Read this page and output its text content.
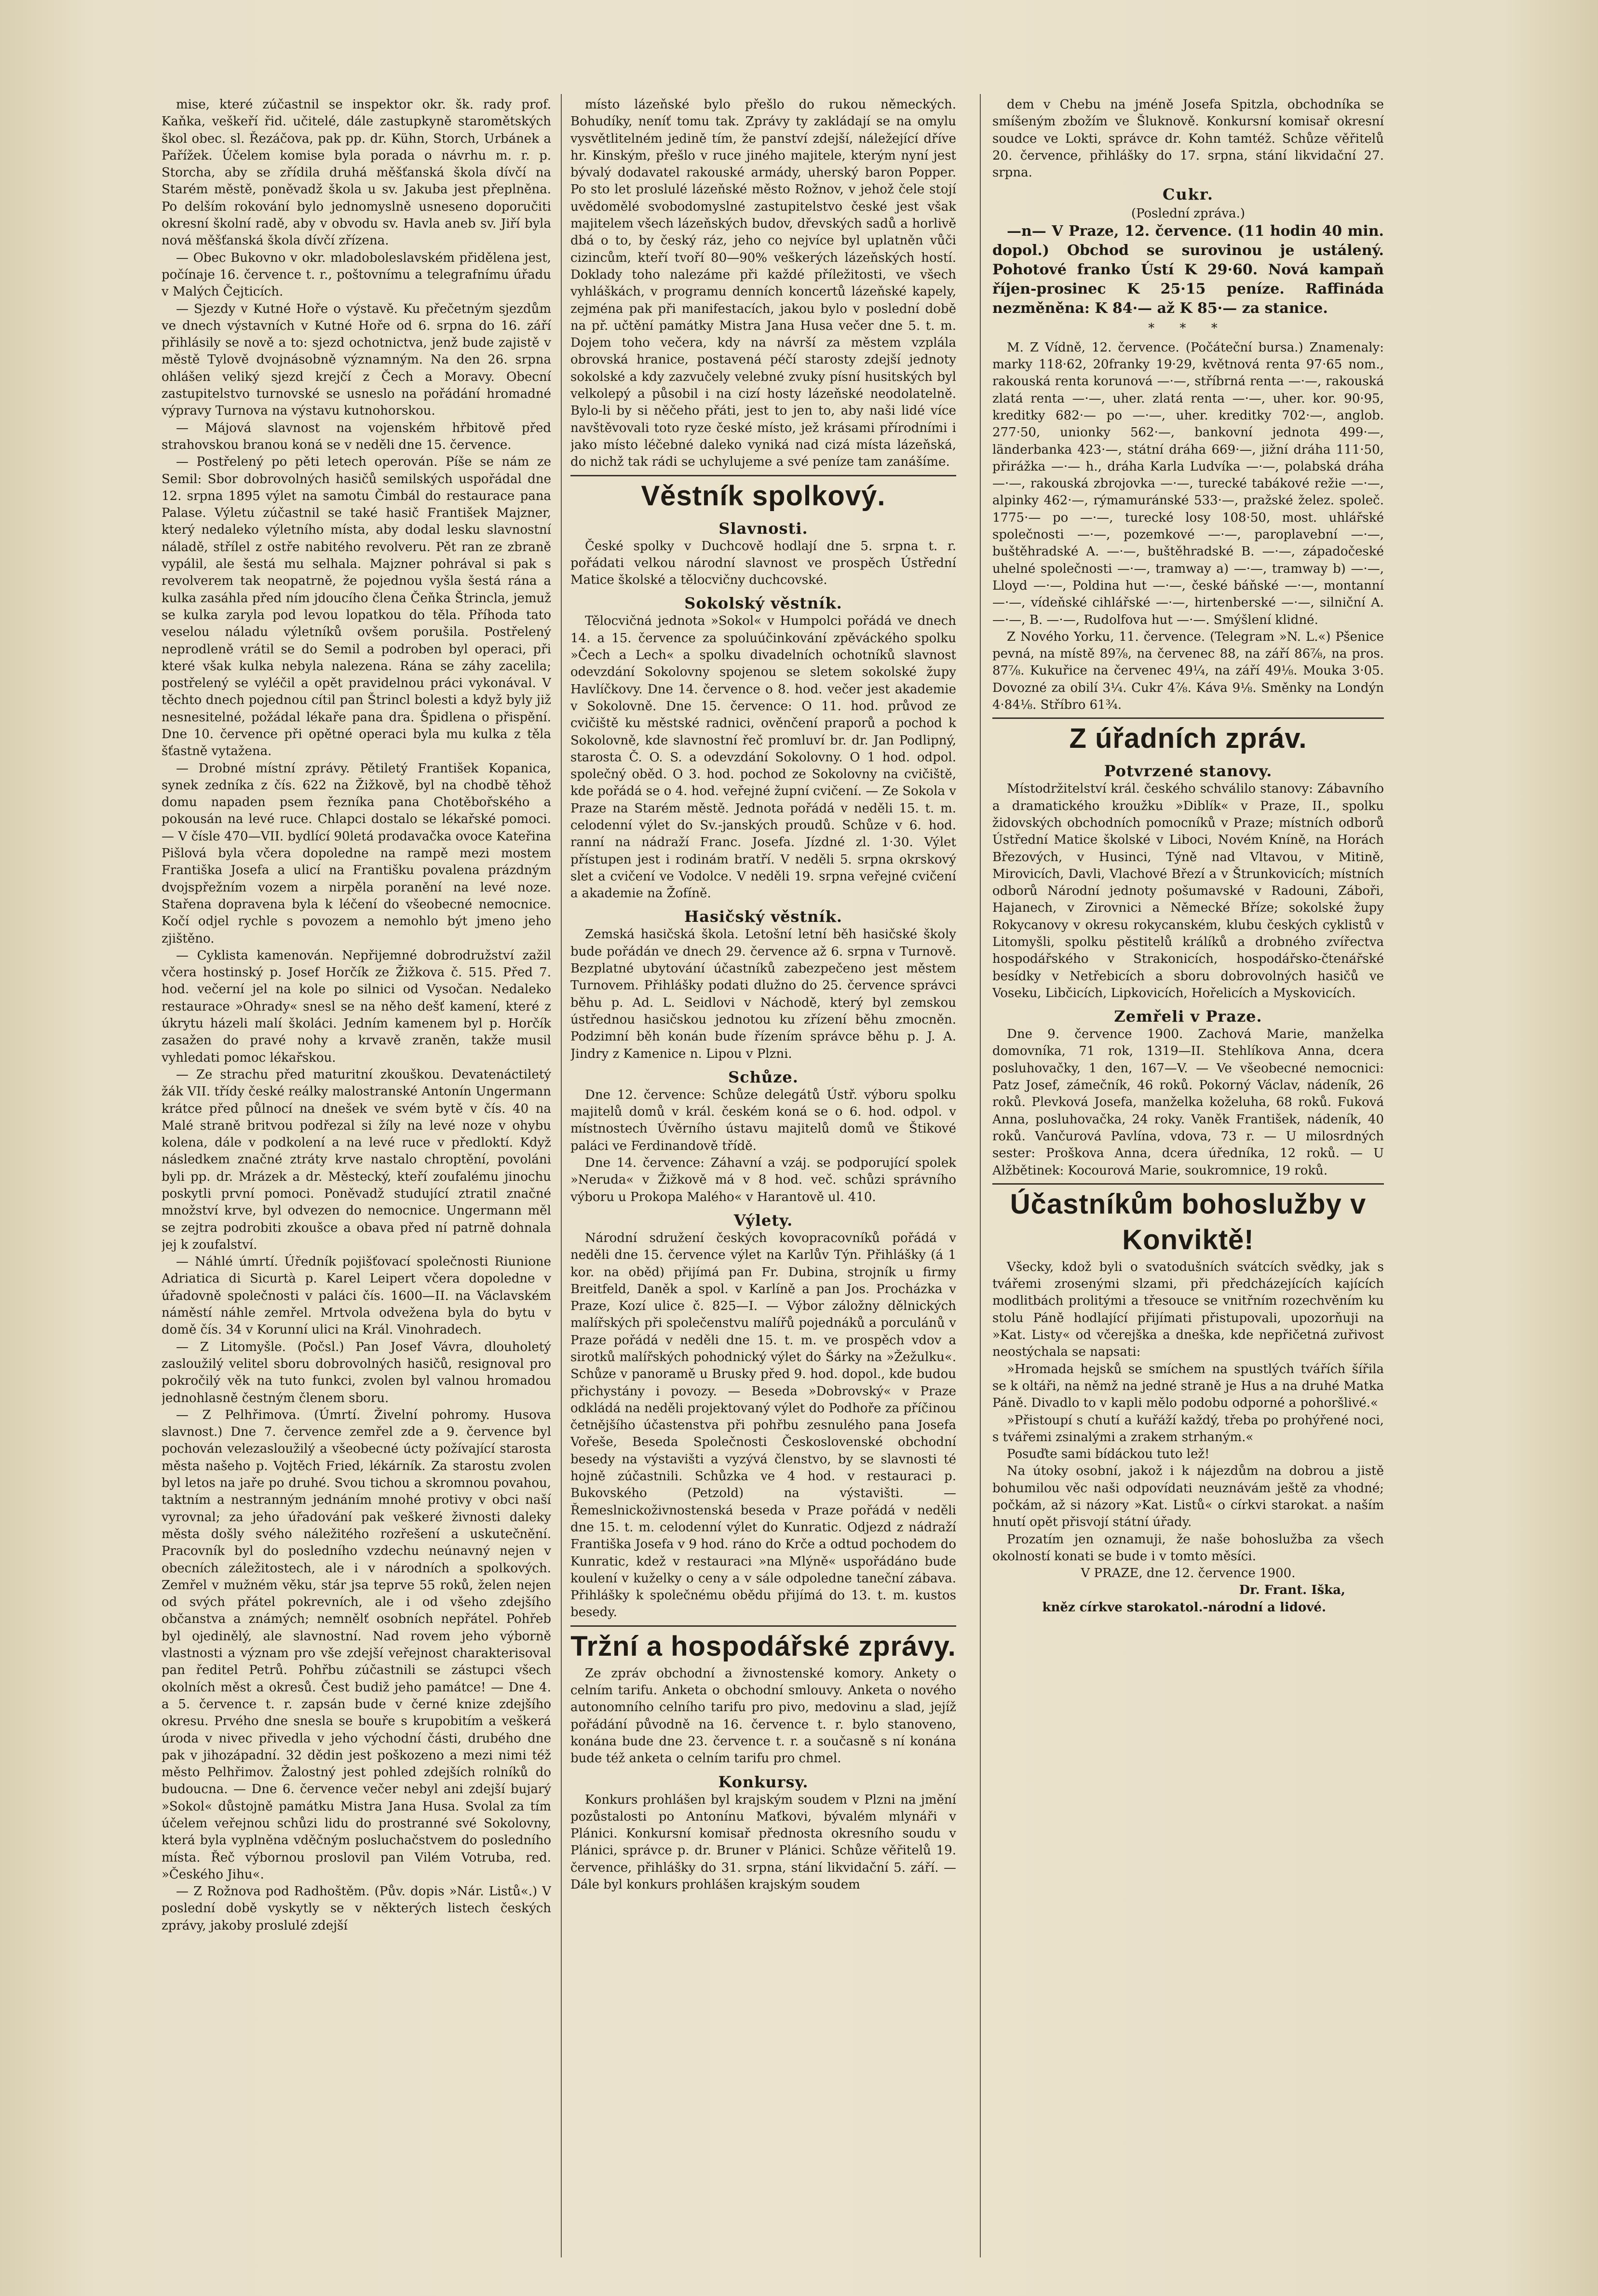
mise, které zúčastnil se inspektor okr. šk. rady prof. Kaňka, veškeří řid. učitelé, dále zastupkyně staromětských škol obec. sl. Řezáčova, pak pp. dr. Kühn, Storch, Urbánek a Pařížek. Účelem komise byla porada o návrhu m. r. p. Storcha, aby se zřídila druhá měšťanská škola dívčí na Starém městě, poněvadž škola u sv. Jakuba jest přeplněna. Po delším rokování bylo jednomyslně usneseno doporučiti okresní školní radě, aby v obvodu sv. Havla aneb sv. Jiří byla nová měšťanská škola dívčí zřízena.

— Obec Bukovno v okr. mladoboleslavském přidělena jest, počínaje 16. července t. r., poštovnímu a telegrafnímu úřadu v Malých Čejticích.

— Sjezdy v Kutné Hoře o výstavě. Ku přečetným sjezdům ve dnech výstavních v Kutné Hoře od 6. srpna do 16. září přihlásily se nově a to: sjezd ochotnictva, jenž bude zajistě v městě Tylově dvojnásobně významným. Na den 26. srpna ohlášen veliký sjezd krejčí z Čech a Moravy. Obecní zastupitelstvo turnovské se usneslo na pořádání hromadné výpravy Turnova na výstavu kutnohorskou.

— Májová slavnost na vojenském hřbitově před strahovskou branou koná se v neděli dne 15. července.

— Postřelený po pěti letech operován. Píše se nám ze Semil: Sbor dobrovolných hasičů semilských uspořádal dne 12. srpna 1895 výlet na samotu Čimbál do restaurace pana Palase. Výletu zúčastnil se také hasič František Majzner, který nedaleko výletního místa, aby dodal lesku slavnostní náladě, střílel z ostře nabitého revolveru. Pět ran ze zbraně vypálil, ale šestá mu selhala. Majzner pohrával si pak s revolverem tak neopatrně, že pojednou vyšla šestá rána a kulka zasáhla před ním jdoucího člena Čeňka Štrincla, jemuž se kulka zaryla pod levou lopatkou do těla. Příhoda tato veselou náladu výletníků ovšem porušila. Postřelený neprodleně vrátil se do Semil a podroben byl operaci, při které však kulka nebyla nalezena. Rána se záhy zacelila; postřelený se vyléčil a opět pravidelnou práci vykonával. V těchto dnech pojednou cítil pan Štrincl bolesti a když byly již nesnesitelné, požádal lékaře pana dra. Špidlena o přispění. Dne 10. července při opětné operaci byla mu kulka z těla šťastně vytažena.

— Drobné místní zprávy. Pětiletý František Kopanica, synek zedníka z čís. 622 na Žižkově, byl na chodbě těhož domu napaden psem řezníka pana Chotěbořského a pokousán na levé ruce. Chlapci dostalo se lékařské pomoci. — V čísle 470—VII. bydlící 90letá prodavačka ovoce Kateřina Pišlová byla včera dopoledne na rampě mezi mostem Františka Josefa a ulicí na Františku povalena prázdným dvojspřežním vozem a nirpěla poranění na levé noze. Stařena dopravena byla k léčení do všeobecné nemocnice. Kočí odjel rychle s povozem a nemohlo být jmeno jeho zjištěno.

— Cyklista kamenován. Nepřijemné dobrodružství zažil včera hostinský p. Josef Horčík ze Žižkova č. 515. Před 7. hod. večerní jel na kole po silnici od Vysočan. Nedaleko restaurace »Ohrady« snesl se na něho dešť kamení, které z úkrytu házeli malí školáci. Jedním kamenem byl p. Horčík zasažen do pravé nohy a krvavě zraněn, takže musil vyhledati pomoc lékařskou.

— Ze strachu před maturitní zkouškou. Devatenáctiletý žák VII. třídy české reálky malostranské Antonín Ungermann krátce před půlnocí na dnešek ve svém bytě v čís. 40 na Malé straně britvou podřezal si žíly na levé noze v ohybu kolena, dále v podkolení a na levé ruce v předloktí. Když následkem značné ztráty krve nastalo chroptění, povoláni byli pp. dr. Mrázek a dr. Městecký, kteří zoufalému jinochu poskytli první pomoci. Poněvadž studující ztratil značné množství krve, byl odvezen do nemocnice. Ungermann měl se zejtra podrobiti zkoušce a obava před ní patrně dohnala jej k zoufalství.

— Náhlé úmrtí. Úředník pojišťovací společnosti Riunione Adriatica di Sicurtà p. Karel Leipert včera dopoledne v úřadovně společnosti v paláci čís. 1600—II. na Václavském náměstí náhle zemřel. Mrtvola odvežena byla do bytu v domě čís. 34 v Korunní ulici na Král. Vinohradech.

— Z Litomyšle. (Počsl.) Pan Josef Vávra, dlouholetý zasloužilý velitel sboru dobrovolných hasičů, resignoval pro pokročilý věk na tuto funkci, zvolen byl valnou hromadou jednohlasně čestným členem sboru.

— Z Pelhřimova. (Úmrtí. Živelní pohromy. Husova slavnost.) Dne 7. července zemřel zde a 9. července byl pochován velezasloužilý a všeobecné úcty požívající starosta města našeho p. Vojtěch Fried, lékárník. Za starostu zvolen byl letos na jaře po druhé. Svou tichou a skromnou povahou, taktním a nestranným jednáním mnohé protivy v obci naší vyrovnal; za jeho úřadování pak veškeré živnosti daleky města došly svého náležitého rozřešení a uskutečnění. Pracovník byl do posledního vzdechu neúnavný nejen v obecních záležitostech, ale i v národních a spolkových. Zemřel v mužném věku, stár jsa teprve 55 roků, želen nejen od svých přátel pokrevních, ale i od všeho zdejšího občanstva a známých; nemnělť osobních nepřátel. Pohřeb byl ojedinělý, ale slavnostní. Nad rovem jeho výborně vlastnosti a význam pro vše zdejší veřejnost charakterisoval pan ředitel Petrů. Pohřbu zúčastnili se zástupci všech okolních měst a okresů. Čest budiž jeho památce! — Dne 4. a 5. července t. r. zapsán bude v černé knize zdejšího okresu. Prvého dne snesla se bouře s krupobitím a veškerá úroda v nivec přivedla v jeho východní části, drubého dne pak v jihozápadní. 32 dědin jest poškozeno a mezi nimi též město Pelhřimov. Žalostný jest pohled zdejších rolníků do budoucna. — Dne 6. července večer nebyl ani zdejší bujarý »Sokol« důstojně památku Mistra Jana Husa. Svolal za tím účelem veřejnou schůzi lidu do prostranné své Sokolovny, která byla vyplněna vděčným posluchačstvem do posledního místa. Řeč výbornou proslovil pan Vilém Votruba, red. »Českého Jihu«.

— Z Rožnova pod Radhoštěm. (Pův. dopis »Nár. Listů«.) V poslední době vyskytly se v některých listech českých zprávy, jakoby proslulé zdejší

místo lázeňské bylo přešlo do rukou německých. Bohudíky, neníť tomu tak. Zprávy ty zakládají se na omylu vysvětlitelném jedině tím, že panství zdejší, náležející dříve hr. Kinským, přešlo v ruce jiného majitele, kterým nyní jest bývalý dodavatel rakouské armády, uherský baron Popper. Po sto let proslulé lázeňské město Rožnov, v jehož čele stojí uvědomělé svobodomyslné zastupitelstvo české jest však majitelem všech lázeňských budov, dřevských sadů a horlivě dbá o to, by český ráz, jeho co nejvíce byl uplatněn vůči cizincům, kteří tvoří 80—90% veškerých lázeňských hostí. Doklady toho nalezáme při každé příležitosti, ve všech vyhláškách, v programu denních koncertů lázeňské kapely, zejména pak při manifestacích, jakou bylo v poslední době na př. učtění památky Mistra Jana Husa večer dne 5. t. m. Dojem toho večera, kdy na návrší za městem vzplála obrovská hranice, postavená péčí starosty zdejší jednoty sokolské a kdy zazvučely velebné zvuky písní husitských byl velkolepý a působil i na cizí hosty lázeňské neodolatelně. Bylo-li by si něčeho přáti, jest to jen to, aby naši lidé více navštěvovali toto ryze české místo, jež krásami přírodními i jako místo léčebné daleko vyniká nad cizá místa lázeňská, do nichž tak rádi se uchylujeme a své peníze tam zanášíme.

Věstník spolkový.
Slavnosti.

České spolky v Duchcově hodlají dne 5. srpna t. r. pořádati velkou národní slavnost ve prospěch Ústřední Matice školské a tělocvičny duchcovské.

Sokolský věstník.

Tělocvičná jednota »Sokol« v Humpolci pořádá ve dnech 14. a 15. července za spoluúčinkování zpěváckého spolku »Čech a Lech« a spolku divadelních ochotníků slavnost odevzdání Sokolovny spojenou se sletem sokolské župy Havlíčkovy. Dne 14. července o 8. hod. večer jest akademie v Sokolovně. Dne 15. července: O 11. hod. průvod ze cvičiště ku městské radnici, ověnčení praporů a pochod k Sokolovně, kde slavnostní řeč promluví br. dr. Jan Podlipný, starosta Č. O. S. a odevzdání Sokolovny. O 1 hod. odpol. společný oběd. O 3. hod. pochod ze Sokolovny na cvičiště, kde pořádá se o 4. hod. veřejné župní cvičení. — Ze Sokola v Praze na Starém městě. Jednota pořádá v neděli 15. t. m. celodenní výlet do Sv.-janských proudů. Schůze v 6. hod. ranní na nádraží Franc. Josefa. Jízdné zl. 1·30. Výlet přístupen jest i rodinám bratří. V neděli 5. srpna okrskový slet a cvičení ve Vodolce. V neděli 19. srpna veřejné cvičení a akademie na Žofíně.

Hasičský věstník.

Zemská hasičská škola. Letošní letní běh hasičské školy bude pořádán ve dnech 29. července až 6. srpna v Turnově. Bezplatné ubytování účastníků zabezpečeno jest městem Turnovem. Přihlášky podati dlužno do 25. července správci běhu p. Ad. L. Seidlovi v Náchodě, který byl zemskou ústřednou hasičskou jednotou ku zřízení běhu zmocněn. Podzimní běh konán bude řízením správce běhu p. J. A. Jindry z Kamenice n. Lipou v Plzni.

Schůze.

Dne 12. července: Schůze delegátů Ústř. výboru spolku majitelů domů v král. českém koná se o 6. hod. odpol. v místnostech Úvěrního ústavu majitelů domů ve Štikové paláci ve Ferdinandově třídě.

Dne 14. července: Záhavní a vzáj. se podporující spolek »Neruda« v Žižkově má v 8 hod. več. schůzi správního výboru u Prokopa Malého« v Harantově ul. 410.

Výlety.

Národní sdružení českých kovopracovníků pořádá v neděli dne 15. července výlet na Karlův Týn. Přihlášky (á 1 kor. na oběd) přijímá pan Fr. Dubina, strojník u firmy Breitfeld, Daněk a spol. v Karlíně a pan Jos. Procházka v Praze, Kozí ulice č. 825—I. — Výbor záložny dělnických malířských při společenstvu malířů pojednáků a porculánů v Praze pořádá v neděli dne 15. t. m. ve prospěch vdov a sirotků malířských pohodnický výlet do Šárky na »Žežulku«. Schůze v panoramě u Brusky před 9. hod. dopol., kde budou přichystány i povozy. — Beseda »Dobrovský« v Praze odkládá na neděli projektovaný výlet do Podhoře za příčinou četnějšího účastenstva při pohřbu zesnulého pana Josefa Vořeše, Beseda Společnosti Československé obchodní besedy na výstavišti a vyzývá členstvo, by se slavnosti té hojně zúčastnili. Schůzka ve 4 hod. v restauraci p. Bukovského (Petzold) na výstavišti. — Řemeslnickoživnostenská beseda v Praze pořádá v neděli dne 15. t. m. celodenní výlet do Kunratic. Odjezd z nádraží Františka Josefa v 9 hod. ráno do Krče a odtud pochodem do Kunratic, kdež v restauraci »na Mlýně« uspořádáno bude koulení v kuželky o ceny a v sále odpoledne taneční zábava. Přihlášky k společnému obědu přijímá do 13. t. m. kustos besedy.

Tržní a hospodářské zprávy.

Ze zpráv obchodní a živnostenské komory. Ankety o celním tarifu. Anketa o obchodní smlouvy. Anketa o nového autonomního celního tarifu pro pivo, medovinu a slad, jejíž pořádání původně na 16. července t. r. bylo stanoveno, konána bude dne 23. července t. r. a současně s ní konána bude též anketa o celním tarifu pro chmel.

Konkursy.

Konkurs prohlášen byl krajským soudem v Plzni na jmění pozůstalosti po Antonínu Maťkovi, bývalém mlynáři v Plánici. Konkursní komisař přednosta okresního soudu v Plánici, správce p. dr. Bruner v Plánici. Schůze věřitelů 19. července, přihlášky do 31. srpna, stání likvidační 5. září. — Dále byl konkurs prohlášen krajským soudem

dem v Chebu na jméně Josefa Spitzla, obchodníka se smíšeným zbožím ve Šluknově. Konkursní komisař okresní soudce ve Lokti, správce dr. Kohn tamtéž. Schůze věřitelů 20. července, přihlášky do 17. srpna, stání likvidační 27. srpna.

Cukr.
(Poslední zpráva.)

—n— V Praze, 12. července. (11 hodin 40 min. dopol.) Obchod se surovinou je ustálený. Pohotové franko Ústí K 29·60. Nová kampaň říjen-prosinec K 25·15 peníze. Raffináda nezměněna: K 84·— až K 85·— za stanice.

* * *

M. Z Vídně, 12. července. (Počáteční bursa.) Znamenaly: marky 118·62, 20franky 19·29, květnová renta 97·65 nom., rakouská renta korunová —·—, stříbrná renta —·—, rakouská zlatá renta —·—, uher. zlatá renta —·—, uher. kor. 90·95, kreditky 682·— po —·—, uher. kreditky 702·—, anglob. 277·50, unionky 562·—, bankovní jednota 499·—, länderbanka 423·—, státní dráha 669·—, jižní dráha 111·50, přirážka —·— h., dráha Karla Ludvíka —·—, polabská dráha —·—, rakouská zbrojovka —·—, turecké tabákové režie —·—, alpinky 462·—, rýmamuránské 533·—, pražské želez. společ. 1775·— po —·—, turecké losy 108·50, most. uhlářské společnosti —·—, pozemkové —·—, paroplavební —·—, buštěhradské A. —·—, buštěhradské B. —·—, západočeské uhelné společnosti —·—, tramway a) —·—, tramway b) —·—, Lloyd —·—, Poldina hut —·—, české báňské —·—, montanní —·—, vídeňské cihlářské —·—, hirtenberské —·—, silniční A. —·—, B. —·—, Rudolfova hut —·—. Smýšlení klidné.

Z Nového Yorku, 11. července. (Telegram »N. L.«) Pšenice pevná, na místě 89⅞, na červenec 88, na září 86⅞, na pros. 87⅞. Kukuřice na červenec 49¼, na září 49⅛. Mouka 3·05. Dovozné za obilí 3¼. Cukr 4⅞. Káva 9⅛. Směnky na Londýn 4·84⅛. Stříbro 61¾.

Z úřadních zpráv.
Potvrzené stanovy.

Místodržitelství král. českého schválilo stanovy: Zábavního a dramatického kroužku »Diblík« v Praze, II., spolku židovských obchodních pomocníků v Praze; místních odborů Ústřední Matice školské v Liboci, Novém Kníně, na Horách Březových, v Husinci, Týně nad Vltavou, v Mitině, Mirovicích, Davli, Vlachové Březí a v Štrunkovicích; místních odborů Národní jednoty pošumavské v Radouni, Záboři, Hajanech, v Zirovnici a Německé Bříze; sokolské župy Rokycanovy v okresu rokycanském, klubu českých cyklistů v Litomyšli, spolku pěstitelů králíků a drobného zvířectva hospodářského v Strakonicích, hospodářsko-čtenářské besídky v Netřebicích a sboru dobrovolných hasičů ve Voseku, Libčicích, Lipkovicích, Hořelicích a Myskovicích.

Zemřeli v Praze.

Dne 9. července 1900. Zachová Marie, manželka domovníka, 71 rok, 1319—II. Stehlíkova Anna, dcera posluhovačky, 1 den, 167—V. — Ve všeobecné nemocnici: Patz Josef, zámečník, 46 roků. Pokorný Václav, nádeník, 26 roků. Plevková Josefa, manželka koželuha, 68 roků. Fuková Anna, posluhovačka, 24 roky. Vaněk František, nádeník, 40 roků. Vančurová Pavlína, vdova, 73 r. — U milosrdných sester: Proškova Anna, dcera úředníka, 12 roků. — U Alžbětinek: Kocourová Marie, soukromnice, 19 roků.

Účastníkům bohoslužby v Konviktě!

Všecky, kdož byli o svatodušních svátcích svědky, jak s tvářemi zrosenými slzami, při předcházejících kajících modlitbách prolitými a třesouce se vnitřním rozechvěním ku stolu Páně hodlající přijímati přistupovali, upozorňuji na »Kat. Listy« od včerejška a dneška, kde nepřičetná zuřivost neostýchala se napsati:

»Hromada hejsků se smíchem na spustlých tvářích šířila se k oltáři, na němž na jedné straně je Hus a na druhé Matka Páně. Divadlo to v kapli mělo podobu odporné a pohoršlivé.«

»Přistoupí s chutí a kuřáží každý, třeba po prohýřené noci, s tvářemi zsinalými a zrakem strhaným.«

Posuďte sami bídáckou tuto lež!

Na útoky osobní, jakož i k nájezdům na dobrou a jistě bohumilou věc naši odpovídati neuznávám ještě za vhodné; počkám, až si názory »Kat. Listů« o církvi starokat. a naším hnutí opět přisvojí státní úřady.

Prozatím jen oznamuji, že naše bohoslužba za všech okolností konati se bude i v tomto měsíci.

V PRAZE, dne 12. července 1900.

Dr. Frant. Iška,

kněz církve starokatol.-národní a lidové.
